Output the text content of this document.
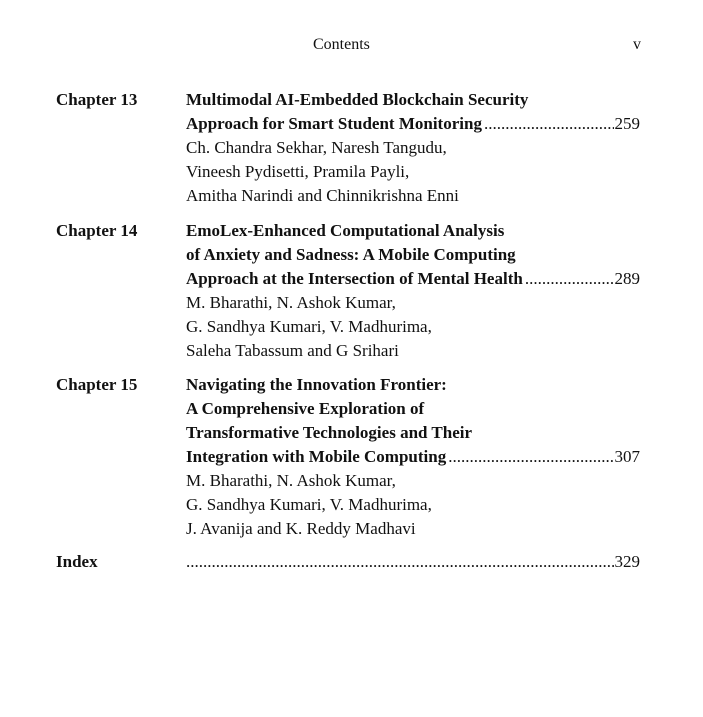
Contents	v
Chapter 13	Multimodal AI-Embedded Blockchain Security
Approach for Smart Student Monitoring .....	259
Ch. Chandra Sekhar, Naresh Tangudu,
Vineesh Pydisetti, Pramila Payli,
Amitha Narindi and Chinnikrishna Enni
Chapter 14	EmoLex-Enhanced Computational Analysis
of Anxiety and Sadness: A Mobile Computing
Approach at the Intersection of Mental Health .....	289
M. Bharathi, N. Ashok Kumar,
G. Sandhya Kumari, V. Madhurima,
Saleha Tabassum and G Srihari
Chapter 15	Navigating the Innovation Frontier:
A Comprehensive Exploration of
Transformative Technologies and Their
Integration with Mobile Computing .....	307
M. Bharathi, N. Ashok Kumar,
G. Sandhya Kumari, V. Madhurima,
J. Avanija and K. Reddy Madhavi
Index .....	329
